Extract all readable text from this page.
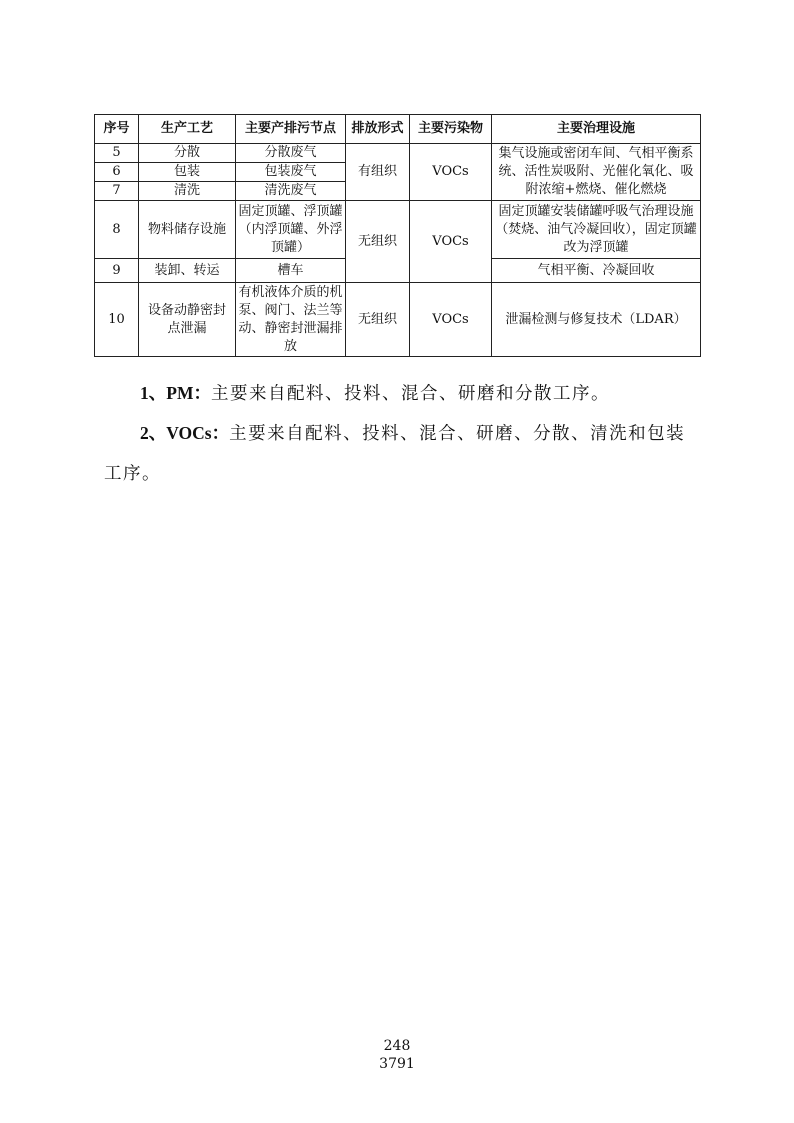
序号	生产工艺	主要产排污节点	排放形式	主要污染物	主要治理设施
5	分散	分散废气	有组织	VOCs	集气设施或密闭车间、气相平衡系统、活性炭吸附、光催化氧化、吸附浓缩+燃烧、催化燃烧
6	包装	包装废气			
7	清洗	清洗废气			
8	物料储存设施	固定顶罐、浮顶罐（内浮顶罐、外浮顶罐）	无组织	VOCs	固定顶罐安装储罐呼吸气治理设施（焚烧、油气冷凝回收），固定顶罐改为浮顶罐
9	装卸、转运	槽车			气相平衡、冷凝回收
10	设备动静密封点泄漏	有机液体介质的机泵、阀门、法兰等动、静密封泄漏排放	无组织	VOCs	泄漏检测与修复技术（LDAR）

1、PM：主要来自配料、投料、混合、研磨和分散工序。

2、VOCs：主要来自配料、投料、混合、研磨、分散、清洗和包装工序。

248
3791
